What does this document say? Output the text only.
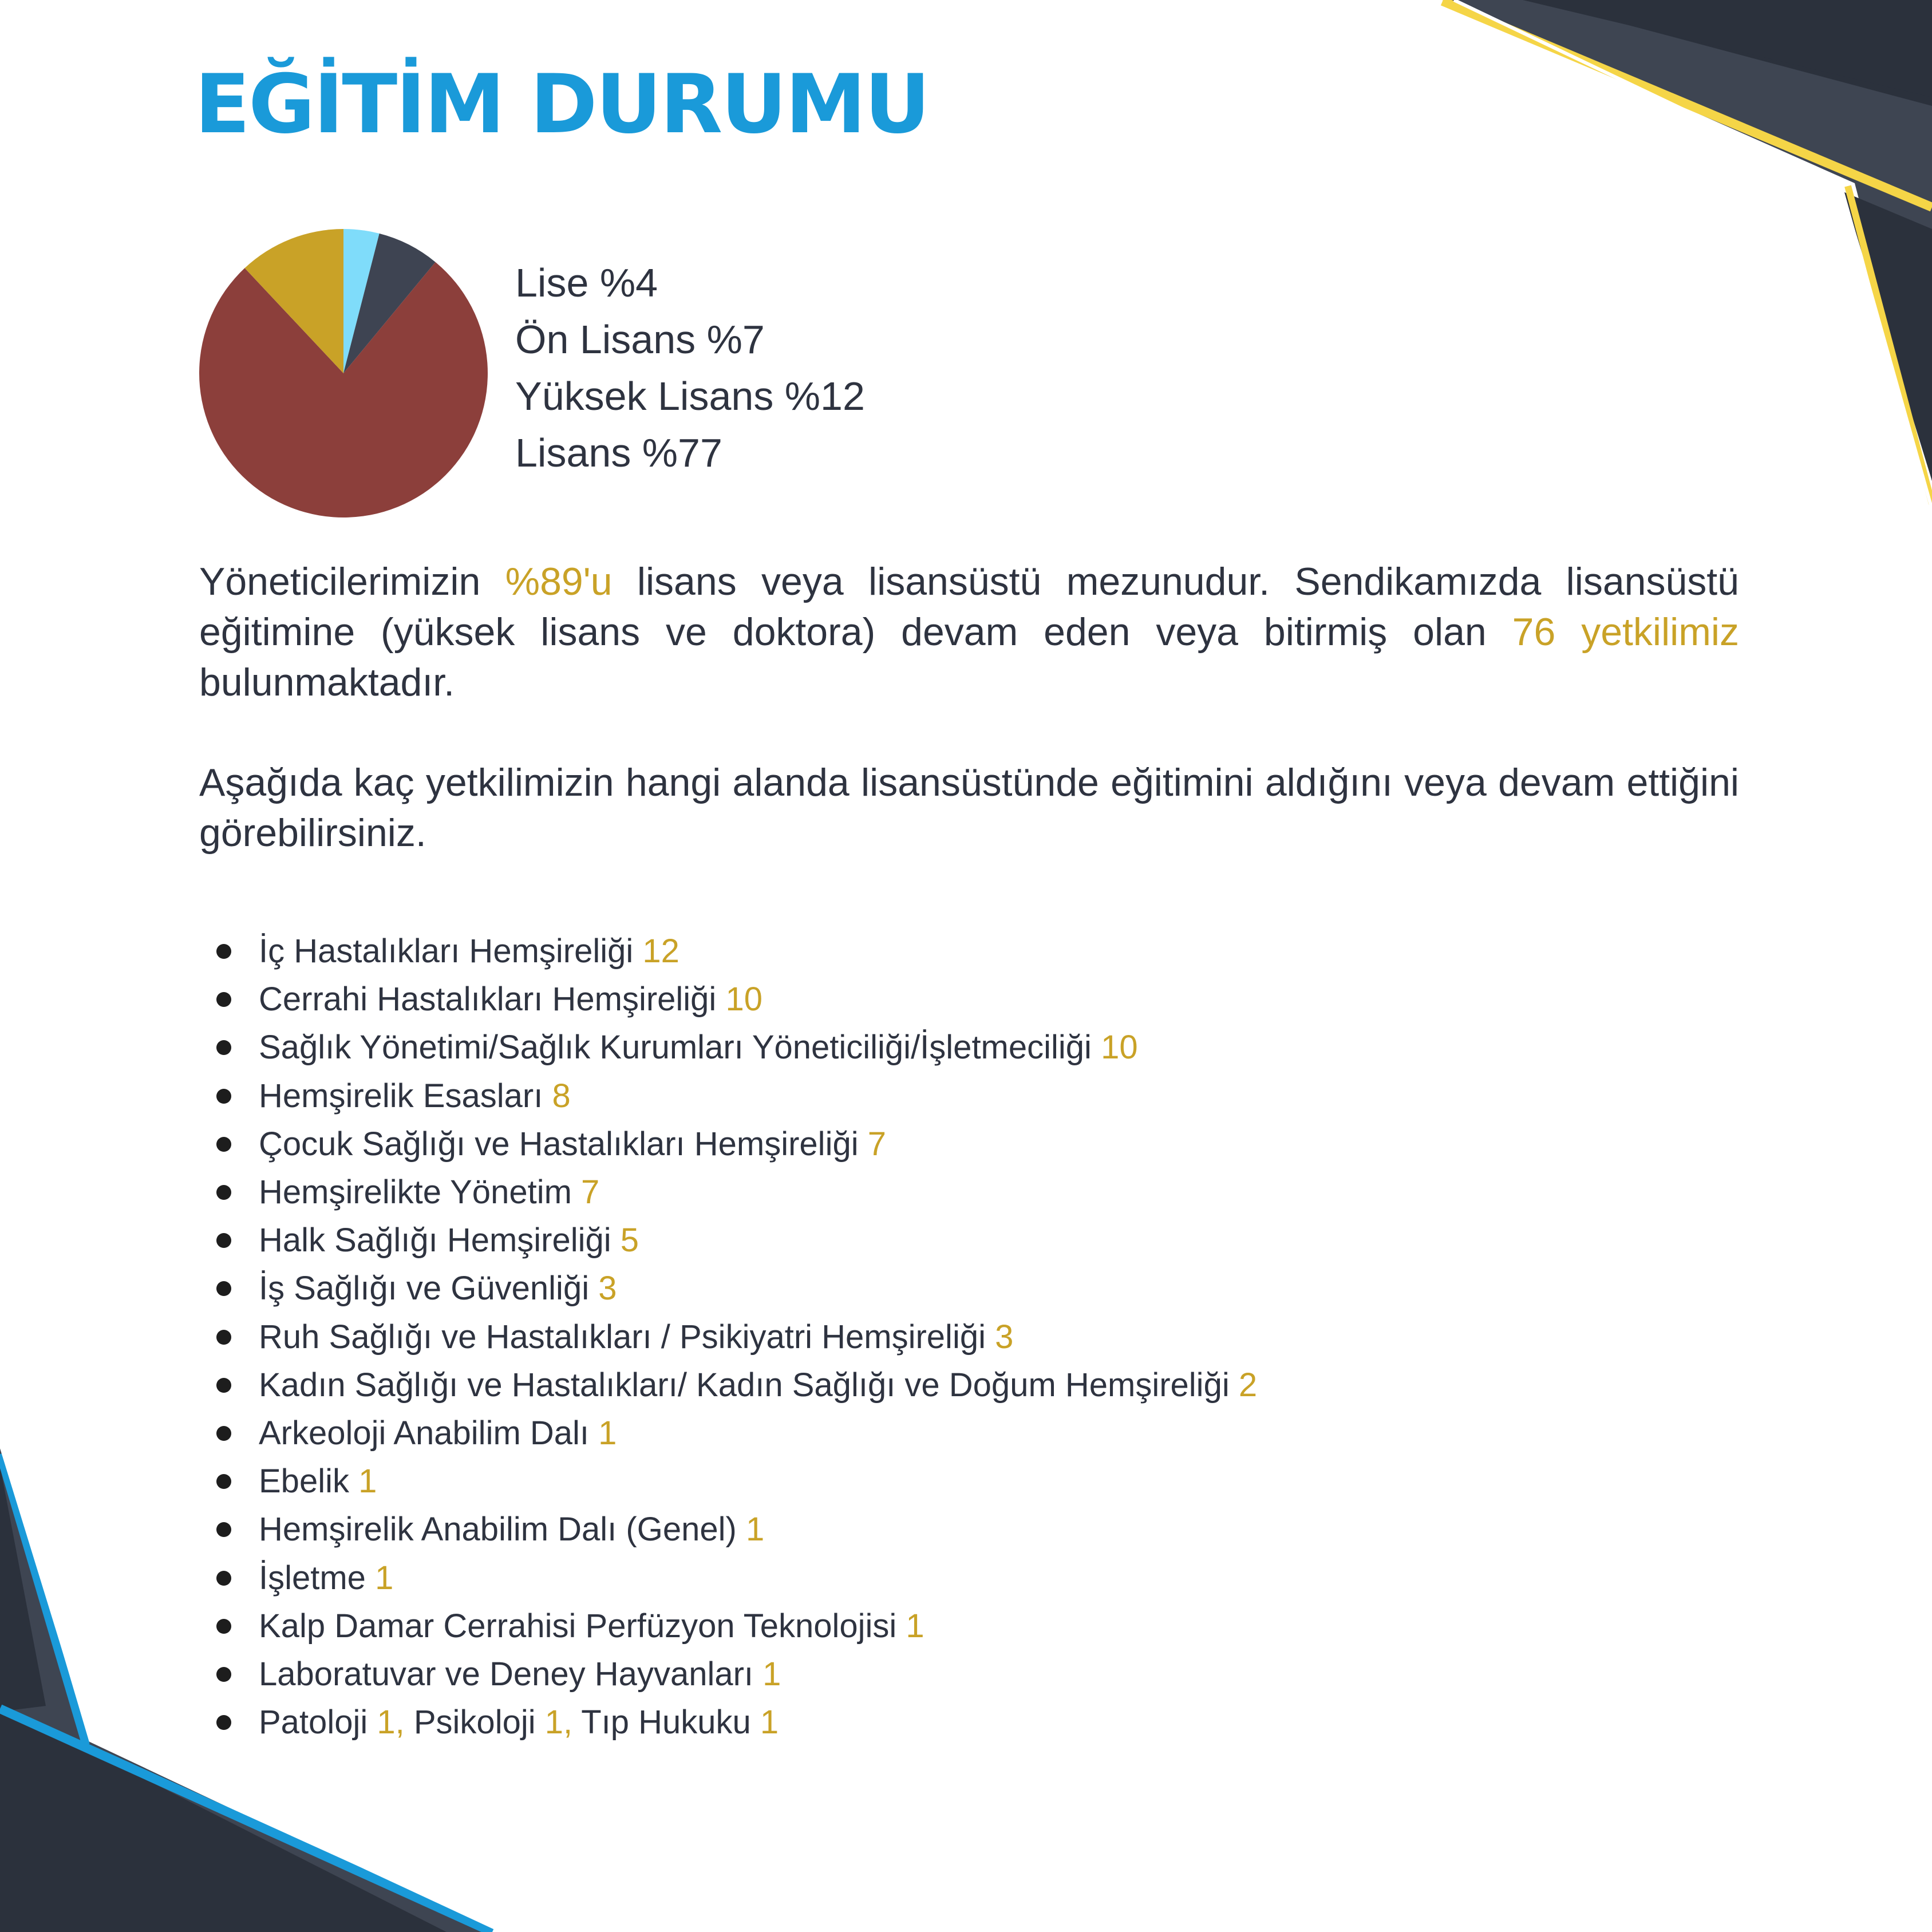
EĞİTİM DURUMU
Lise %4
Ön Lisans %7
Yüksek Lisans %12
Lisans %77

Yöneticilerimizin %89'u lisans veya lisansüstü mezunudur. Sendikamızda lisansüstü eğitimine (yüksek lisans ve doktora) devam eden veya bitirmiş olan 76 yetkilimiz bulunmaktadır.

Aşağıda kaç yetkilimizin hangi alanda lisansüstünde eğitimini aldığını veya devam ettiğini görebilirsiniz.

İç Hastalıkları Hemşireliği 12
Cerrahi Hastalıkları Hemşireliği 10
Sağlık Yönetimi/Sağlık Kurumları Yöneticiliği/İşletmeciliği 10
Hemşirelik Esasları 8
Çocuk Sağlığı ve Hastalıkları Hemşireliği 7
Hemşirelikte Yönetim 7
Halk Sağlığı Hemşireliği 5
İş Sağlığı ve Güvenliği 3
Ruh Sağlığı ve Hastalıkları / Psikiyatri Hemşireliği 3
Kadın Sağlığı ve Hastalıkları/ Kadın Sağlığı ve Doğum Hemşireliği 2
Arkeoloji Anabilim Dalı 1
Ebelik 1
Hemşirelik Anabilim Dalı (Genel) 1
İşletme 1
Kalp Damar Cerrahisi Perfüzyon Teknolojisi 1
Laboratuvar ve Deney Hayvanları 1
Patoloji 1, Psikoloji 1, Tıp Hukuku 1
